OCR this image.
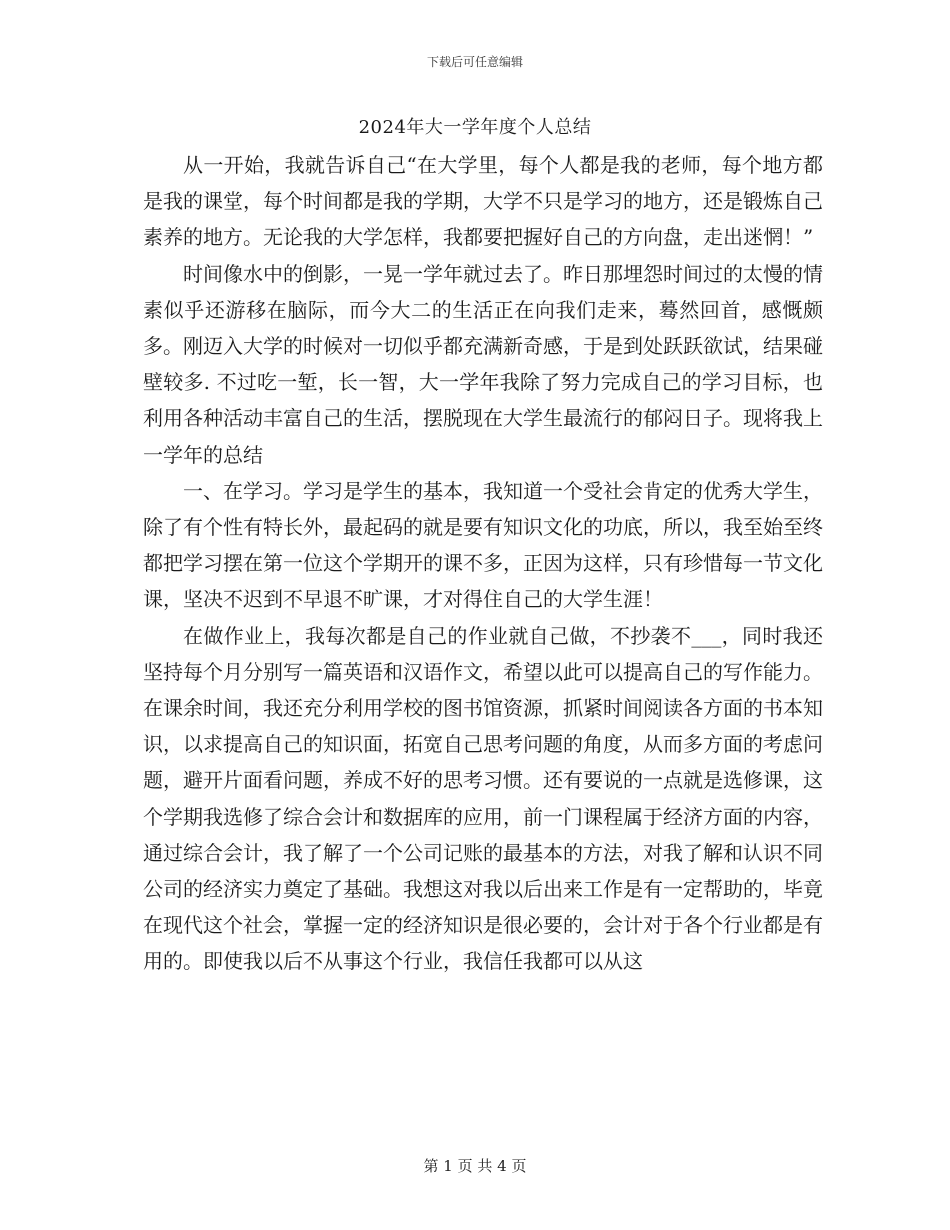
下载后可任意编辑
2024年大一学年度个人总结

从一开始，我就告诉自己“在大学里，每个人都是我的老师，每个地方都是我的课堂，每个时间都是我的学期，大学不只是学习的地方，还是锻炼自己素养的地方。无论我的大学怎样，我都要把握好自己的方向盘，走出迷惘！”

时间像水中的倒影，一晃一学年就过去了。昨日那埋怨时间过的太慢的情素似乎还游移在脑际，而今大二的生活正在向我们走来，蓦然回首，感慨颇多。刚迈入大学的时候对一切似乎都充满新奇感，于是到处跃跃欲试，结果碰壁较多. 不过吃一堑，长一智，大一学年我除了努力完成自己的学习目标，也利用各种活动丰富自己的生活，摆脱现在大学生最流行的郁闷日子。现将我上一学年的总结

一、在学习。学习是学生的基本，我知道一个受社会肯定的优秀大学生，除了有个性有特长外，最起码的就是要有知识文化的功底，所以，我至始至终都把学习摆在第一位这个学期开的课不多，正因为这样，只有珍惜每一节文化课，坚决不迟到不早退不旷课，才对得住自己的大学生涯！

在做作业上，我每次都是自己的作业就自己做，不抄袭不___，同时我还坚持每个月分别写一篇英语和汉语作文，希望以此可以提高自己的写作能力。在课余时间，我还充分利用学校的图书馆资源，抓紧时间阅读各方面的书本知识，以求提高自己的知识面，拓宽自己思考问题的角度，从而多方面的考虑问题，避开片面看问题，养成不好的思考习惯。还有要说的一点就是选修课，这个学期我选修了综合会计和数据库的应用，前一门课程属于经济方面的内容，通过综合会计，我了解了一个公司记账的最基本的方法，对我了解和认识不同公司的经济实力奠定了基础。我想这对我以后出来工作是有一定帮助的，毕竟在现代这个社会，掌握一定的经济知识是很必要的，会计对于各个行业都是有用的。即使我以后不从事这个行业，我信任我都可以从这

第 1 页 共 4 页
